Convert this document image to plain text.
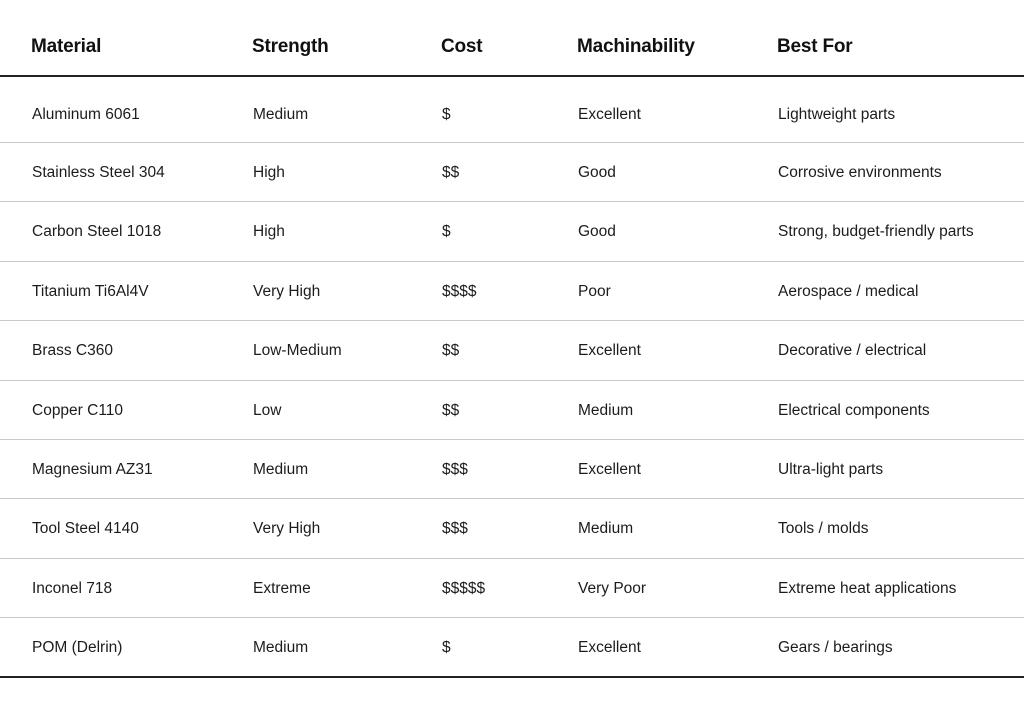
Material	Strength	Cost	Machinability	Best For
Aluminum 6061	Medium	$	Excellent	Lightweight parts
Stainless Steel 304	High	$$	Good	Corrosive environments
Carbon Steel 1018	High	$	Good	Strong, budget-friendly parts
Titanium Ti6Al4V	Very High	$$$$	Poor	Aerospace / medical
Brass C360	Low-Medium	$$	Excellent	Decorative / electrical
Copper C110	Low	$$	Medium	Electrical components
Magnesium AZ31	Medium	$$$	Excellent	Ultra-light parts
Tool Steel 4140	Very High	$$$	Medium	Tools / molds
Inconel 718	Extreme	$$$$$	Very Poor	Extreme heat applications
POM (Delrin)	Medium	$	Excellent	Gears / bearings
